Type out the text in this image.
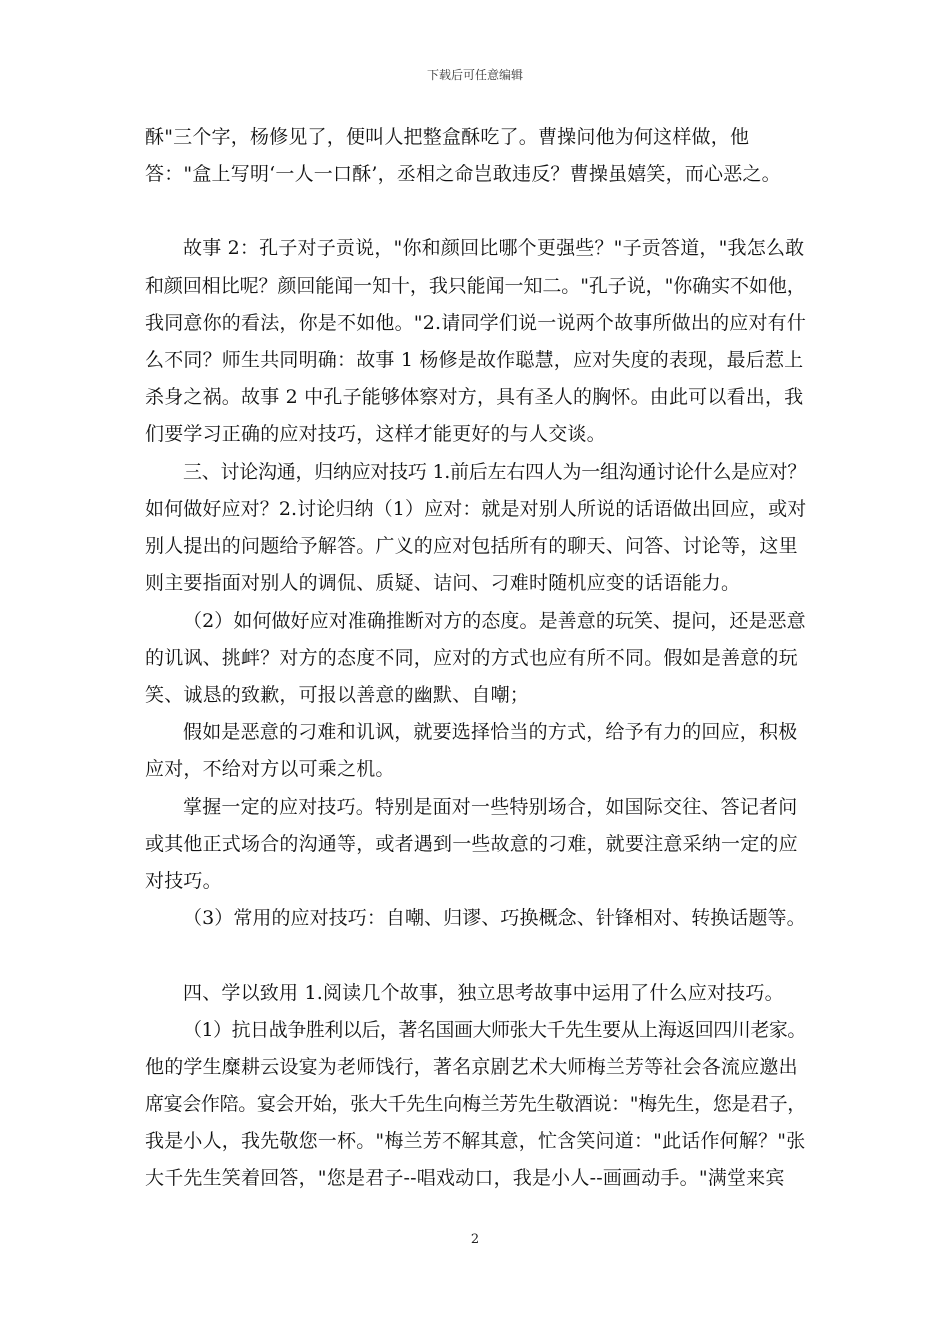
下载后可任意编辑
酥"三个字，杨修见了，便叫人把整盒酥吃了。曹操问他为何这样做，他
答："盒上写明‘一人一口酥’，丞相之命岂敢违反？曹操虽嬉笑，而心恶之。
故事 2：孔子对子贡说，"你和颜回比哪个更强些？"子贡答道，"我怎么敢
和颜回相比呢？颜回能闻一知十，我只能闻一知二。"孔子说，"你确实不如他，
我同意你的看法，你是不如他。"2.请同学们说一说两个故事所做出的应对有什
么不同？师生共同明确：故事 1 杨修是故作聪慧，应对失度的表现，最后惹上
杀身之祸。故事 2 中孔子能够体察对方，具有圣人的胸怀。由此可以看出，我
们要学习正确的应对技巧，这样才能更好的与人交谈。
三、讨论沟通，归纳应对技巧 1.前后左右四人为一组沟通讨论什么是应对？
如何做好应对？2.讨论归纳（1）应对：就是对别人所说的话语做出回应，或对
别人提出的问题给予解答。广义的应对包括所有的聊天、问答、讨论等，这里
则主要指面对别人的调侃、质疑、诘问、刁难时随机应变的话语能力。
（2）如何做好应对准确推断对方的态度。是善意的玩笑、提问，还是恶意
的讥讽、挑衅？对方的态度不同，应对的方式也应有所不同。假如是善意的玩
笑、诚恳的致歉，可报以善意的幽默、自嘲；
假如是恶意的刁难和讥讽，就要选择恰当的方式，给予有力的回应，积极
应对，不给对方以可乘之机。
掌握一定的应对技巧。特别是面对一些特别场合，如国际交往、答记者问
或其他正式场合的沟通等，或者遇到一些故意的刁难，就要注意采纳一定的应
对技巧。
（3）常用的应对技巧：自嘲、归谬、巧换概念、针锋相对、转换话题等。
四、学以致用 1.阅读几个故事，独立思考故事中运用了什么应对技巧。
（1）抗日战争胜利以后，著名国画大师张大千先生要从上海返回四川老家。
他的学生糜耕云设宴为老师饯行，著名京剧艺术大师梅兰芳等社会各流应邀出
席宴会作陪。宴会开始，张大千先生向梅兰芳先生敬酒说："梅先生，您是君子，
我是小人，我先敬您一杯。"梅兰芳不解其意，忙含笑问道："此话作何解？"张
大千先生笑着回答，"您是君子--唱戏动口，我是小人--画画动手。"满堂来宾
2
